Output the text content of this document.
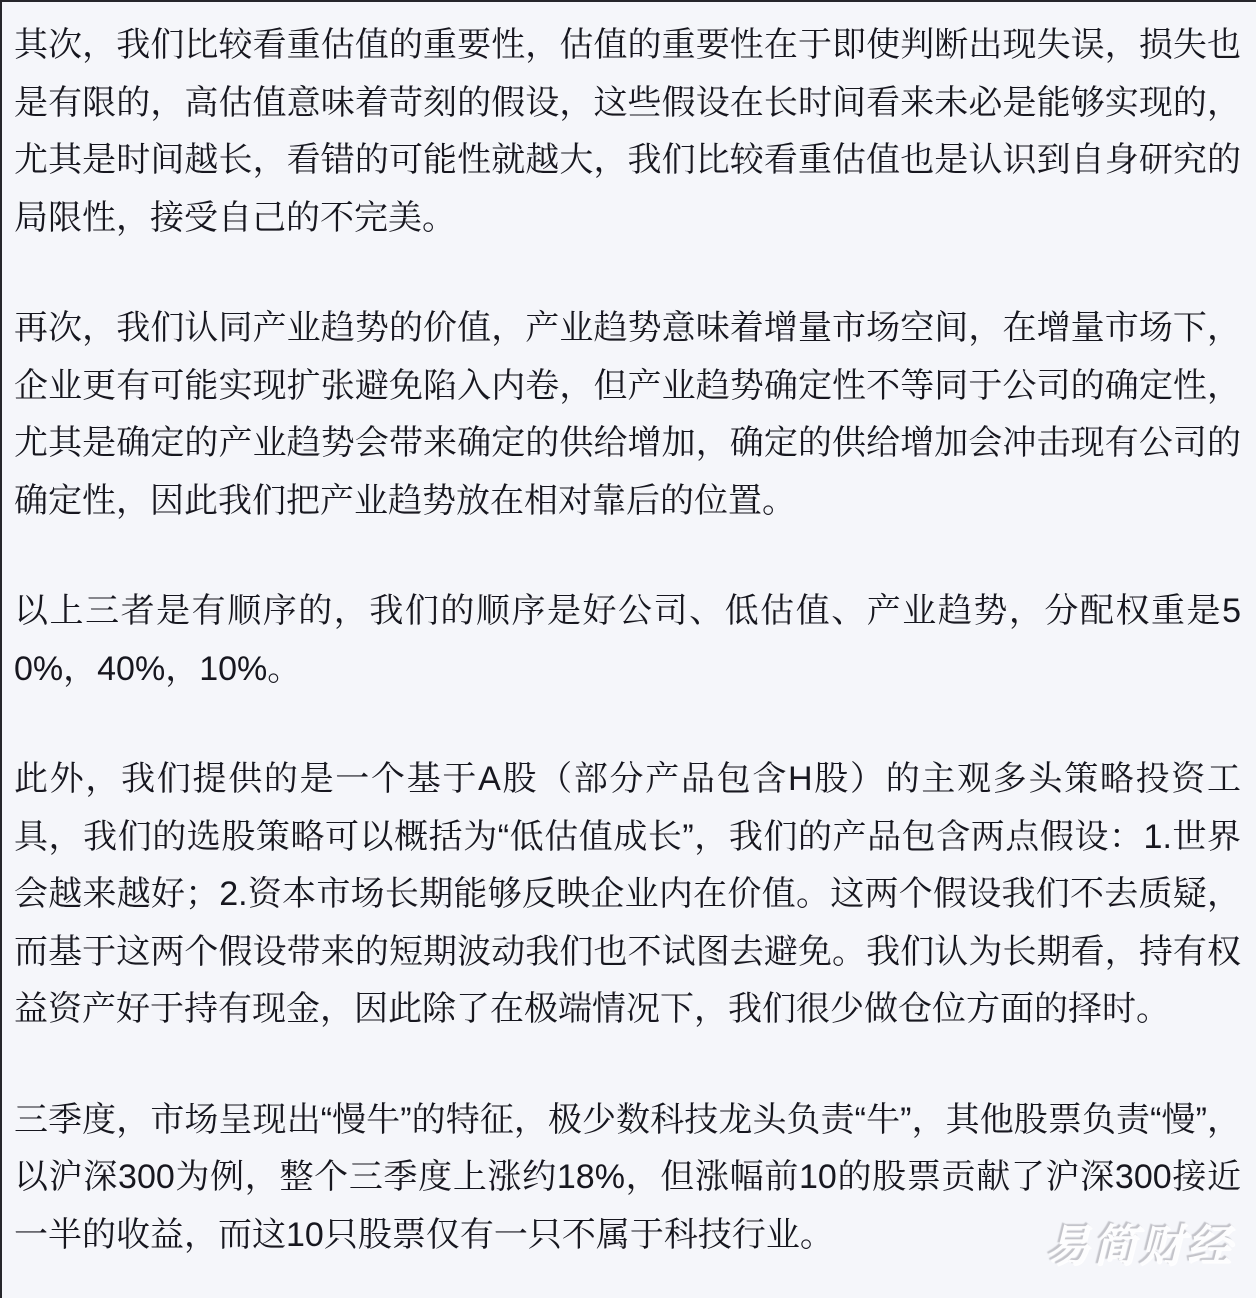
其次，我们比较看重估值的重要性，估值的重要性在于即使判断出现失误，损失也是有限的，高估值意味着苛刻的假设，这些假设在长时间看来未必是能够实现的，尤其是时间越长，看错的可能性就越大，我们比较看重估值也是认识到自身研究的局限性，接受自己的不完美。

再次，我们认同产业趋势的价值，产业趋势意味着增量市场空间，在增量市场下，企业更有可能实现扩张避免陷入内卷，但产业趋势确定性不等同于公司的确定性，尤其是确定的产业趋势会带来确定的供给增加，确定的供给增加会冲击现有公司的确定性，因此我们把产业趋势放在相对靠后的位置。

以上三者是有顺序的，我们的顺序是好公司、低估值、产业趋势，分配权重是50%，40%，10%。

此外，我们提供的是一个基于A股（部分产品包含H股）的主观多头策略投资工具，我们的选股策略可以概括为“低估值成长”，我们的产品包含两点假设：1.世界会越来越好；2.资本市场长期能够反映企业内在价值。这两个假设我们不去质疑，而基于这两个假设带来的短期波动我们也不试图去避免。我们认为长期看，持有权益资产好于持有现金，因此除了在极端情况下，我们很少做仓位方面的择时。

三季度，市场呈现出“慢牛”的特征，极少数科技龙头负责“牛”，其他股票负责“慢”，以沪深300为例，整个三季度上涨约18%，但涨幅前10的股票贡献了沪深300接近一半的收益，而这10只股票仅有一只不属于科技行业。	易简财经
